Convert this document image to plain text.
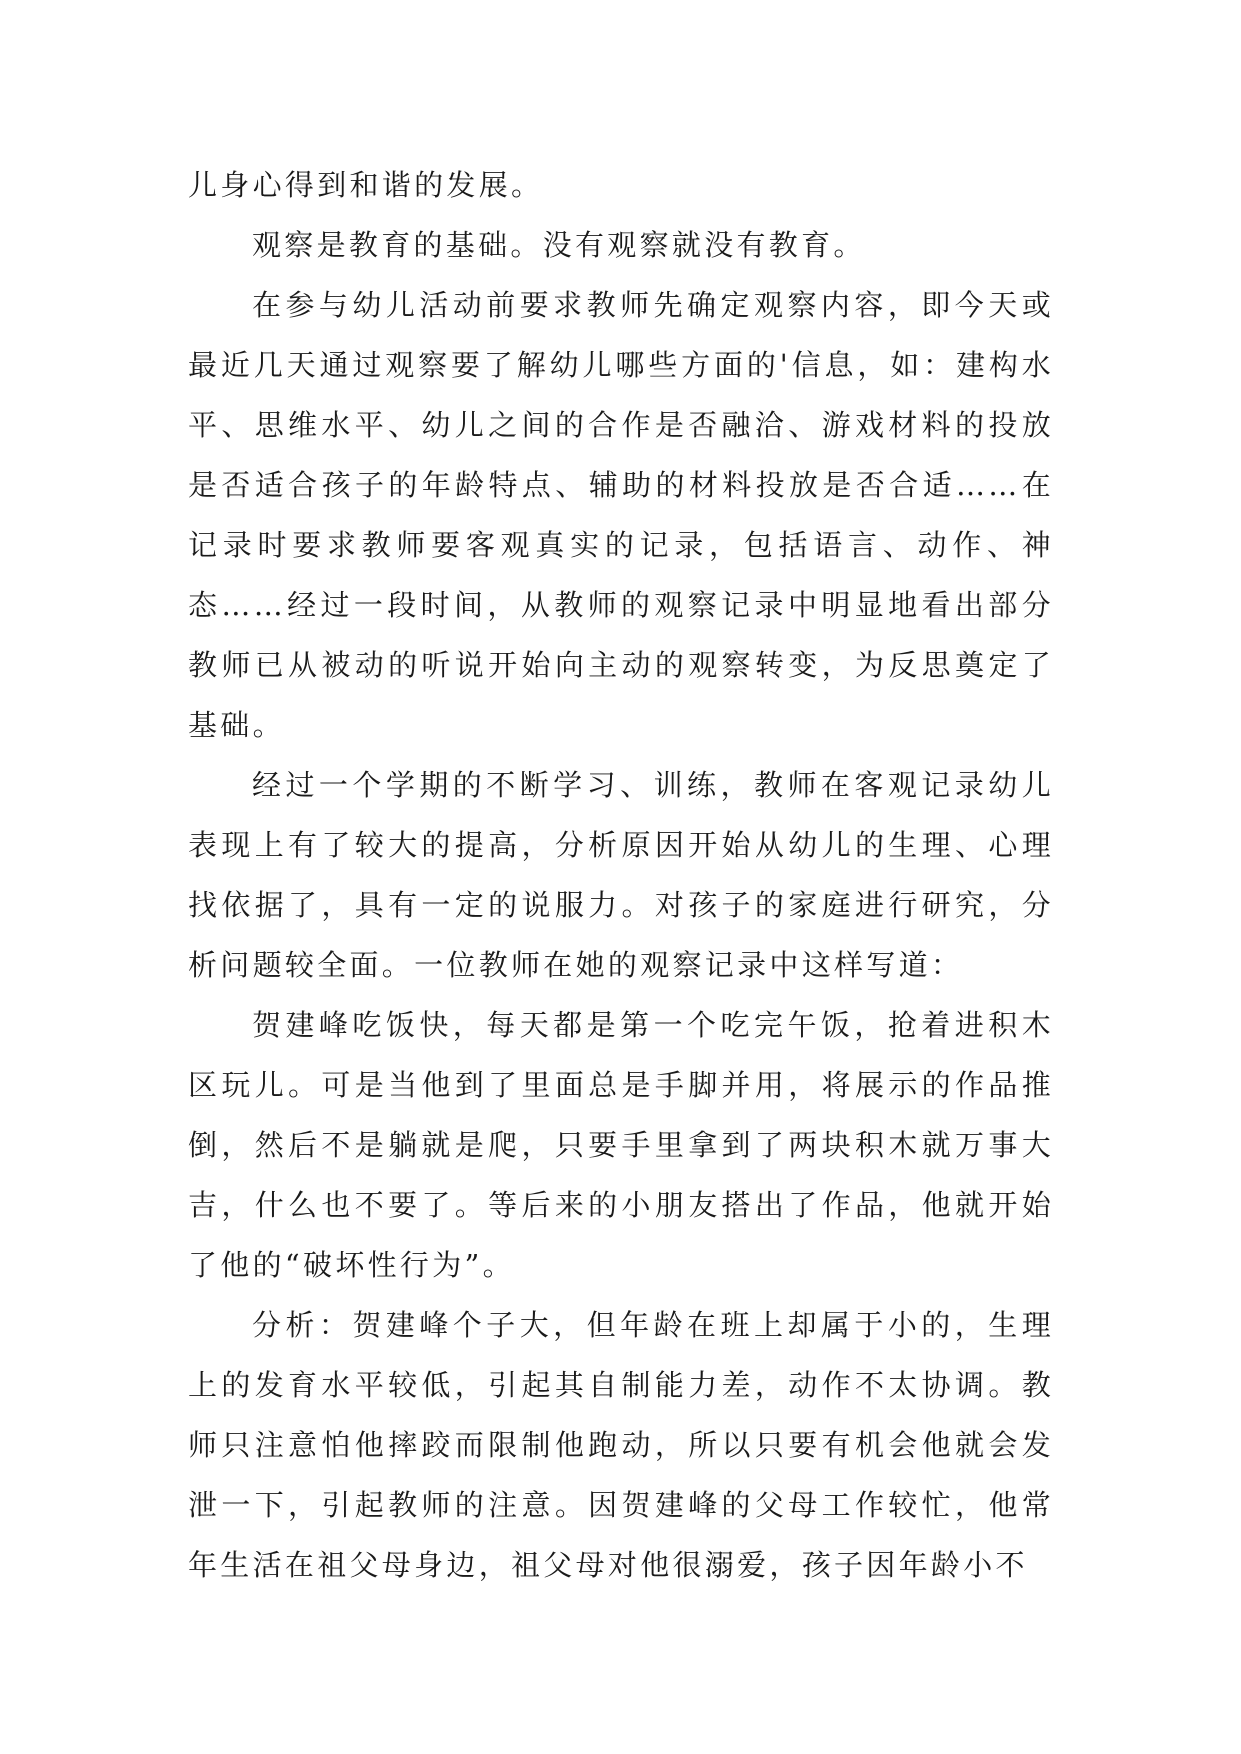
儿身心得到和谐的发展。

观察是教育的基础。没有观察就没有教育。

在参与幼儿活动前要求教师先确定观察内容，即今天或最近几天通过观察要了解幼儿哪些方面的'信息，如：建构水平、思维水平、幼儿之间的合作是否融洽、游戏材料的投放是否适合孩子的年龄特点、辅助的材料投放是否合适……在记录时要求教师要客观真实的记录，包括语言、动作、神态……经过一段时间，从教师的观察记录中明显地看出部分教师已从被动的听说开始向主动的观察转变，为反思奠定了基础。

经过一个学期的不断学习、训练，教师在客观记录幼儿表现上有了较大的提高，分析原因开始从幼儿的生理、心理找依据了，具有一定的说服力。对孩子的家庭进行研究，分析问题较全面。一位教师在她的观察记录中这样写道：

贺建峰吃饭快，每天都是第一个吃完午饭，抢着进积木区玩儿。可是当他到了里面总是手脚并用，将展示的作品推倒，然后不是躺就是爬，只要手里拿到了两块积木就万事大吉，什么也不要了。等后来的小朋友搭出了作品，他就开始了他的“破坏性行为”。

分析：贺建峰个子大，但年龄在班上却属于小的，生理上的发育水平较低，引起其自制能力差，动作不太协调。教师只注意怕他摔跤而限制他跑动，所以只要有机会他就会发泄一下，引起教师的注意。因贺建峰的父母工作较忙，他常年生活在祖父母身边，祖父母对他很溺爱，孩子因年龄小不
